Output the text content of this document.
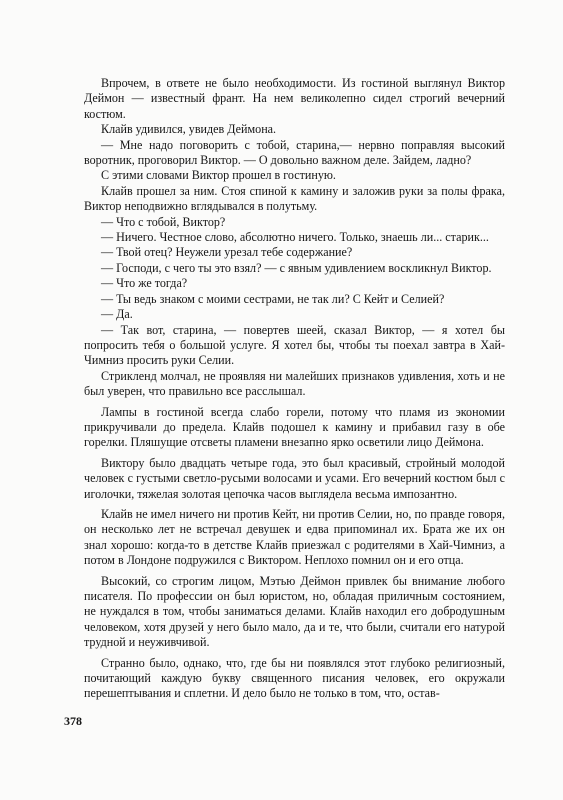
Впрочем, в ответе не было необходимости. Из гостиной выглянул Виктор Деймон — известный франт. На нем великолепно сидел строгий вечерний костюм.

Клайв удивился, увидев Деймона.

— Мне надо поговорить с тобой, старина,— нервно поправляя высокий воротник, проговорил Виктор. — О довольно важном деле. Зайдем, ладно?

С этими словами Виктор прошел в гостиную.

Клайв прошел за ним. Стоя спиной к камину и заложив руки за полы фрака, Виктор неподвижно вглядывался в полутьму.

— Что с тобой, Виктор?

— Ничего. Честное слово, абсолютно ничего. Только, знаешь ли... старик...

— Твой отец? Неужели урезал тебе содержание?

— Господи, с чего ты это взял? — с явным удивлением воскликнул Виктор.

— Что же тогда?

— Ты ведь знаком с моими сестрами, не так ли? С Кейт и Селией?

— Да.

— Так вот, старина, — повертев шеей, сказал Виктор, — я хотел бы попросить тебя о большой услуге. Я хотел бы, чтобы ты поехал завтра в Хай-Чимниз просить руки Селии.

Стриклeнд молчал, не проявляя ни малейших признаков удивления, хоть и не был уверен, что правильно все расслышал.

Лампы в гостиной всегда слабо горели, потому что пламя из экономии прикручивали до предела. Клайв подошел к камину и прибавил газу в обе горелки. Пляшущие отсветы пламени внезапно ярко осветили лицо Деймона.

Виктору было двадцать четыре года, это был красивый, стройный молодой человек с густыми светло-русыми волосами и усами. Его вечерний костюм был с иголочки, тяжелая золотая цепочка часов выглядела весьма импозантно.

Клайв не имел ничего ни против Кейт, ни против Селии, но, по правде говоря, он несколько лет не встречал девушек и едва припоминал их. Брата же их он знал хорошо: когда-то в детстве Клайв приезжал с родителями в Хай-Чимниз, а потом в Лондоне подружился с Виктором. Неплохо помнил он и его отца.

Высокий, со строгим лицом, Мэтью Деймон привлек бы внимание любого писателя. По профессии он был юристом, но, обладая приличным состоянием, не нуждался в том, чтобы заниматься делами. Клайв находил его добродушным человеком, хотя друзей у него было мало, да и те, что были, считали его натурой трудной и неуживчивой.

Странно было, однако, что, где бы ни появлялся этот глубоко религиозный, почитающий каждую букву священного писания человек, его окружали перешептывания и сплетни. И дело было не только в том, что, остав-

378
